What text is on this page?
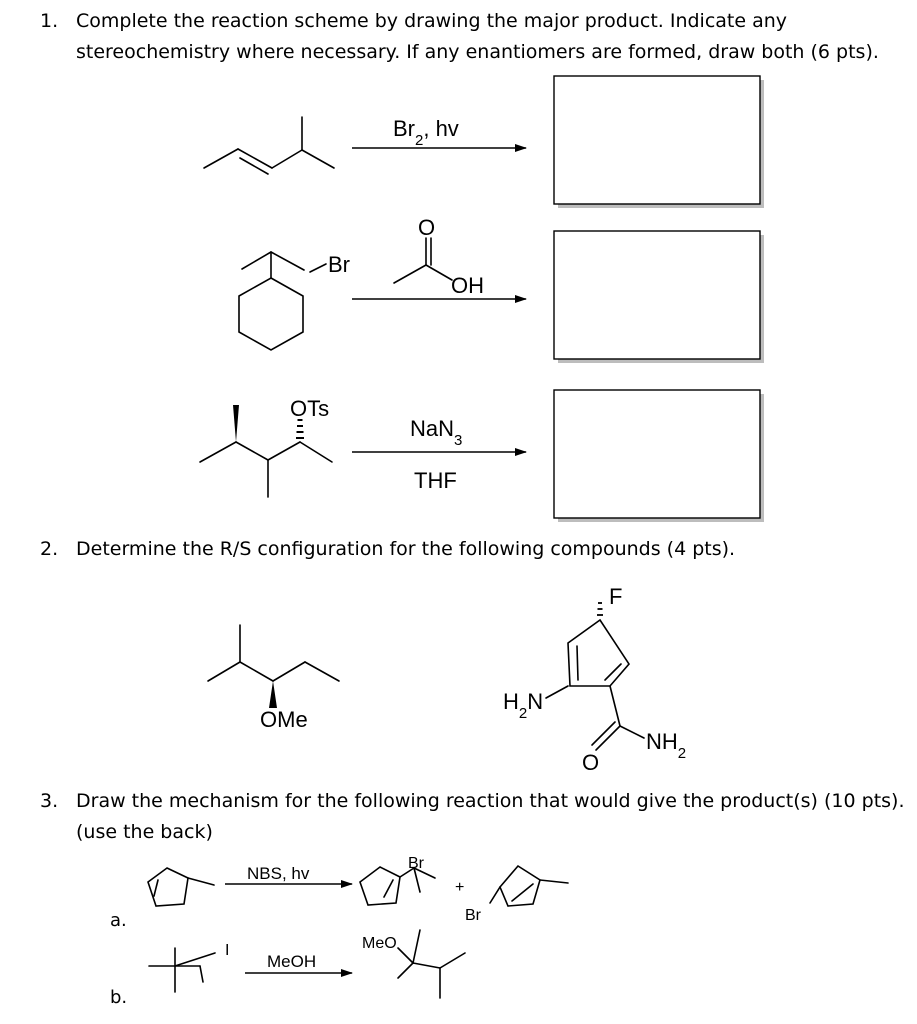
1. Complete the reaction scheme by drawing the major product. Indicate any
stereochemistry where necessary. If any enantiomers are formed, draw both (6 pts).
2. Determine the R/S configuration for the following compounds (4 pts).
3. Draw the mechanism for the following reaction that would give the product(s) (10 pts).
(use the back)
$Br_2$, hv
Br
O
OH
OTs
NaN$_3$
THF
OMe
F
$H_2N$
O
$NH_2$
a.
NBS, hv
Br
+
Br
b.
I
MeOH
MeO
